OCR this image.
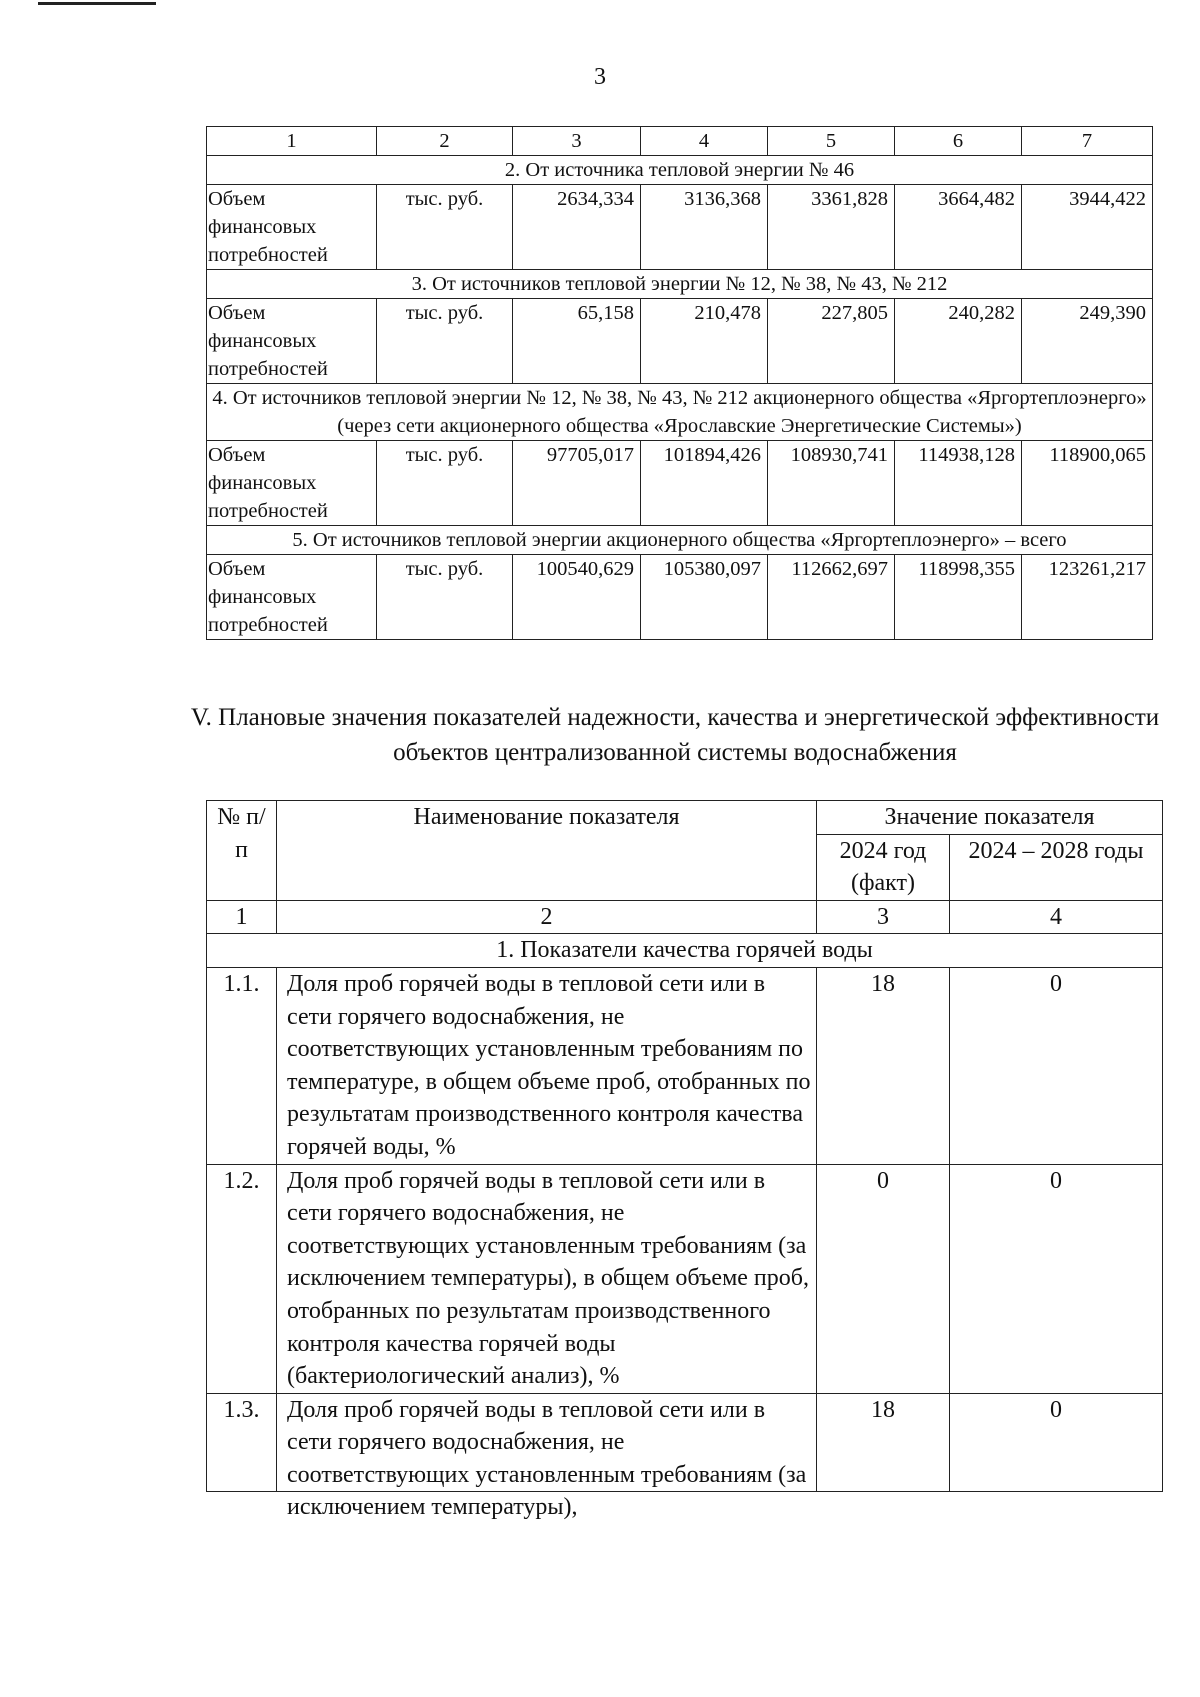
3
1	2	3	4	5	6	7
2. От источника тепловой энергии № 46						
Объем финансовых потребностей	тыс. руб.	2634,334	3136,368	3361,828	3664,482	3944,422
3. От источников тепловой энергии № 12, № 38, № 43, № 212						
Объем финансовых потребностей	тыс. руб.	65,158	210,478	227,805	240,282	249,390
4. От источников тепловой энергии № 12, № 38, № 43, № 212 акционерного общества «Яргортеплоэнерго» (через сети акционерного общества «Ярославские Энергетические Системы»)						
Объем финансовых потребностей	тыс. руб.	97705,017	101894,426	108930,741	114938,128	118900,065
5. От источников тепловой энергии акционерного общества «Яргортеплоэнерго» – всего						
Объем финансовых потребностей	тыс. руб.	100540,629	105380,097	112662,697	118998,355	123261,217
V. Плановые значения показателей надежности, качества и энергетической эффективности объектов централизованной системы водоснабжения
№ п/п	Наименование показателя	Значение показателя	
		2024 год (факт)	2024 – 2028 годы
1	2	3	4
1. Показатели качества горячей воды			
1.1.	Доля проб горячей воды в тепловой сети или в сети горячего водоснабжения, не соответствующих установленным требованиям по температуре, в общем объеме проб, отобранных по результатам производственного контроля качества горячей воды, %	18	0
1.2.	Доля проб горячей воды в тепловой сети или в сети горячего водоснабжения, не соответствующих установленным требованиям (за исключением температуры), в общем объеме проб, отобранных по результатам производственного контроля качества горячей воды (бактериологический анализ), %	0	0
1.3.	Доля проб горячей воды в тепловой сети или в сети горячего водоснабжения, не соответствующих установленным требованиям (за исключением температуры),	18	0
